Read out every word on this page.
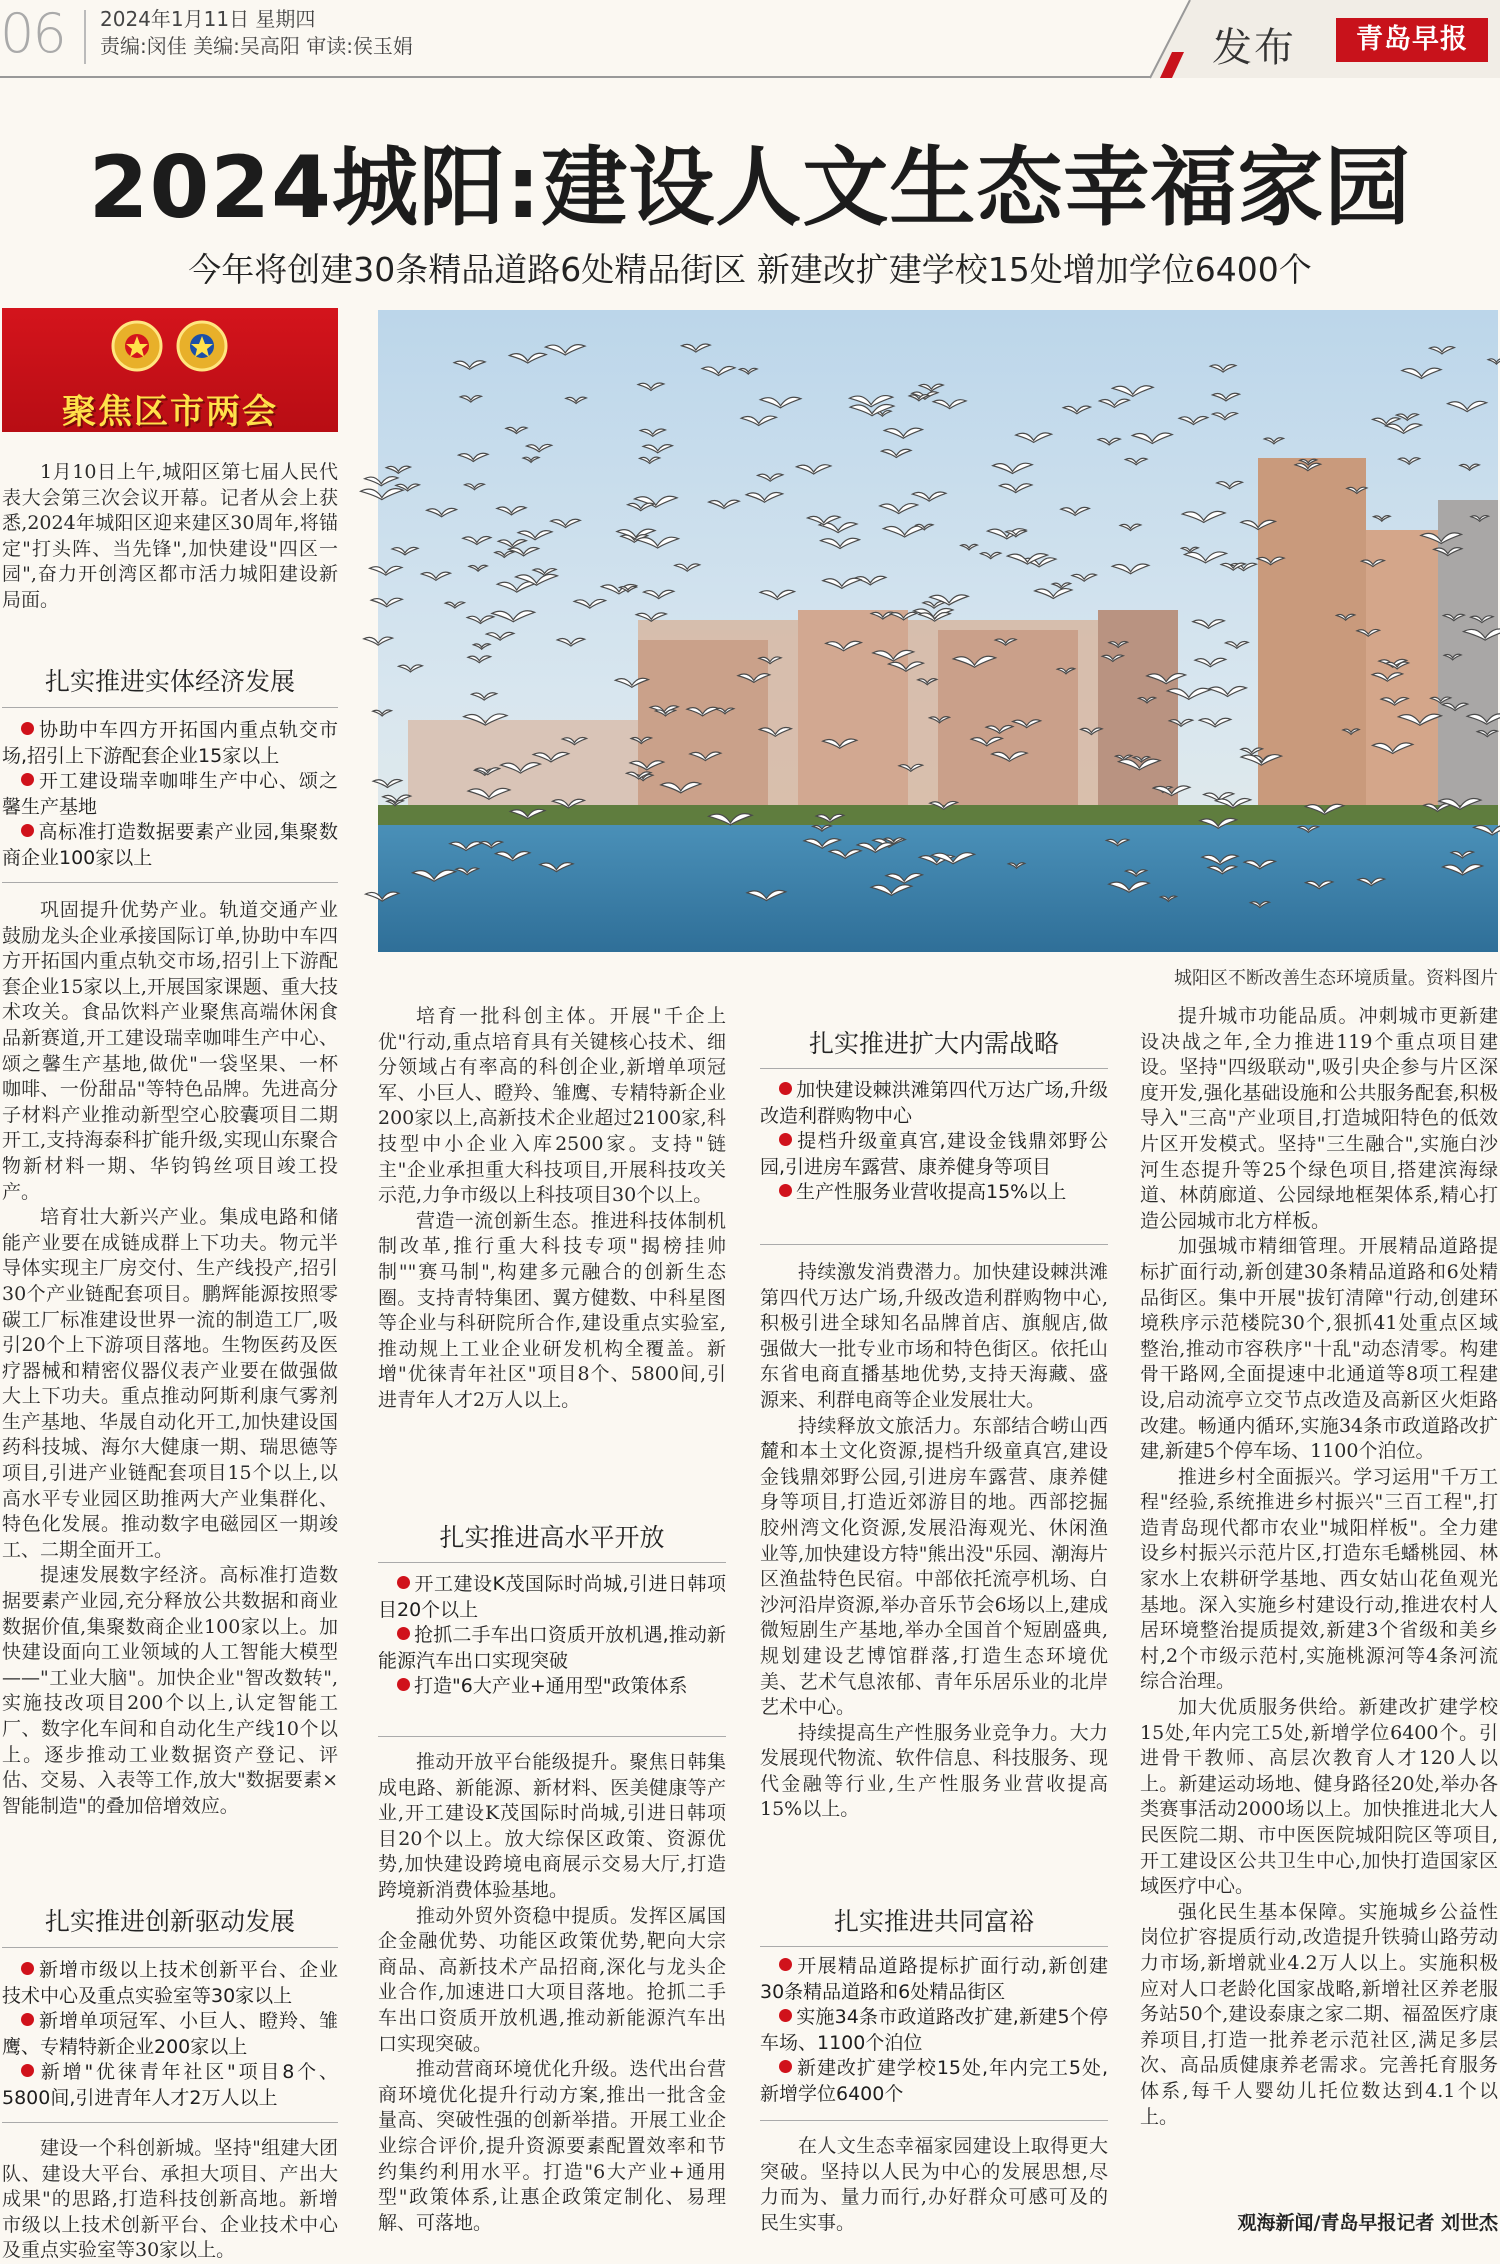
06 2024年1月11日 星期四
责编:闵佳 美编:吴高阳 审读:侯玉娟	发布	青岛早报
2024城阳:建设人文生态幸福家园
今年将创建30条精品道路6处精品街区 新建改扩建学校15处增加学位6400个
聚焦区市两会

1月10日上午,城阳区第七届人民代表大会第三次会议开幕。记者从会上获悉,2024年城阳区迎来建区30周年,将锚定"打头阵、当先锋",加快建设"四区一园",奋力开创湾区都市活力城阳建设新局面。

扎实推进实体经济发展

协助中车四方开拓国内重点轨交市场,招引上下游配套企业15家以上

开工建设瑞幸咖啡生产中心、颂之馨生产基地

高标准打造数据要素产业园,集聚数商企业100家以上

巩固提升优势产业。轨道交通产业鼓励龙头企业承接国际订单,协助中车四方开拓国内重点轨交市场,招引上下游配套企业15家以上,开展国家课题、重大技术攻关。食品饮料产业聚焦高端休闲食品新赛道,开工建设瑞幸咖啡生产中心、颂之馨生产基地,做优"一袋坚果、一杯咖啡、一份甜品"等特色品牌。先进高分子材料产业推动新型空心胶囊项目二期开工,支持海泰科扩能升级,实现山东聚合物新材料一期、华钧钨丝项目竣工投产。

培育壮大新兴产业。集成电路和储能产业要在成链成群上下功夫。物元半导体实现主厂房交付、生产线投产,招引30个产业链配套项目。鹏辉能源按照零碳工厂标准建设世界一流的制造工厂,吸引20个上下游项目落地。生物医药及医疗器械和精密仪器仪表产业要在做强做大上下功夫。重点推动阿斯利康气雾剂生产基地、华晟自动化开工,加快建设国药科技城、海尔大健康一期、瑞思德等项目,引进产业链配套项目15个以上,以高水平专业园区助推两大产业集群化、特色化发展。推动数字电磁园区一期竣工、二期全面开工。

提速发展数字经济。高标准打造数据要素产业园,充分释放公共数据和商业数据价值,集聚数商企业100家以上。加快建设面向工业领域的人工智能大模型——"工业大脑"。加快企业"智改数转",实施技改项目200个以上,认定智能工厂、数字化车间和自动化生产线10个以上。逐步推动工业数据资产登记、评估、交易、入表等工作,放大"数据要素×智能制造"的叠加倍增效应。

扎实推进创新驱动发展

新增市级以上技术创新平台、企业技术中心及重点实验室等30家以上

新增单项冠军、小巨人、瞪羚、雏鹰、专精特新企业200家以上

新增"优徕青年社区"项目8个、5800间,引进青年人才2万人以上

建设一个科创新城。坚持"组建大团队、建设大平台、承担大项目、产出大成果"的思路,打造科技创新高地。新增市级以上技术创新平台、企业技术中心及重点实验室等30家以上。

城阳区不断改善生态环境质量。资料图片

培育一批科创主体。开展"千企上优"行动,重点培育具有关键核心技术、细分领域占有率高的科创企业,新增单项冠军、小巨人、瞪羚、雏鹰、专精特新企业200家以上,高新技术企业超过2100家,科技型中小企业入库2500家。支持"链主"企业承担重大科技项目,开展科技攻关示范,力争市级以上科技项目30个以上。

营造一流创新生态。推进科技体制机制改革,推行重大科技专项"揭榜挂帅制""赛马制",构建多元融合的创新生态圈。支持青特集团、翼方健数、中科星图等企业与科研院所合作,建设重点实验室,推动规上工业企业研发机构全覆盖。新增"优徕青年社区"项目8个、5800间,引进青年人才2万人以上。

扎实推进高水平开放

开工建设K茂国际时尚城,引进日韩项目20个以上

抢抓二手车出口资质开放机遇,推动新能源汽车出口实现突破

打造"6大产业+通用型"政策体系

推动开放平台能级提升。聚焦日韩集成电路、新能源、新材料、医美健康等产业,开工建设K茂国际时尚城,引进日韩项目20个以上。放大综保区政策、资源优势,加快建设跨境电商展示交易大厅,打造跨境新消费体验基地。

推动外贸外资稳中提质。发挥区属国企金融优势、功能区政策优势,靶向大宗商品、高新技术产品招商,深化与龙头企业合作,加速进口大项目落地。抢抓二手车出口资质开放机遇,推动新能源汽车出口实现突破。

推动营商环境优化升级。迭代出台营商环境优化提升行动方案,推出一批含金量高、突破性强的创新举措。开展工业企业综合评价,提升资源要素配置效率和节约集约利用水平。打造"6大产业+通用型"政策体系,让惠企政策定制化、易理解、可落地。

扎实推进扩大内需战略

加快建设棘洪滩第四代万达广场,升级改造利群购物中心

提档升级童真宫,建设金钱鼎郊野公园,引进房车露营、康养健身等项目

生产性服务业营收提高15%以上

持续激发消费潜力。加快建设棘洪滩第四代万达广场,升级改造利群购物中心,积极引进全球知名品牌首店、旗舰店,做强做大一批专业市场和特色街区。依托山东省电商直播基地优势,支持天海藏、盛源来、利群电商等企业发展壮大。

持续释放文旅活力。东部结合崂山西麓和本土文化资源,提档升级童真宫,建设金钱鼎郊野公园,引进房车露营、康养健身等项目,打造近郊游目的地。西部挖掘胶州湾文化资源,发展沿海观光、休闲渔业等,加快建设方特"熊出没"乐园、潮海片区渔盐特色民宿。中部依托流亭机场、白沙河沿岸资源,举办音乐节会6场以上,建成微短剧生产基地,举办全国首个短剧盛典,规划建设艺博馆群落,打造生态环境优美、艺术气息浓郁、青年乐居乐业的北岸艺术中心。

持续提高生产性服务业竞争力。大力发展现代物流、软件信息、科技服务、现代金融等行业,生产性服务业营收提高15%以上。

扎实推进共同富裕

开展精品道路提标扩面行动,新创建30条精品道路和6处精品街区

实施34条市政道路改扩建,新建5个停车场、1100个泊位

新建改扩建学校15处,年内完工5处,新增学位6400个

在人文生态幸福家园建设上取得更大突破。坚持以人民为中心的发展思想,尽力而为、量力而行,办好群众可感可及的民生实事。

提升城市功能品质。冲刺城市更新建设决战之年,全力推进119个重点项目建设。坚持"四级联动",吸引央企参与片区深度开发,强化基础设施和公共服务配套,积极导入"三高"产业项目,打造城阳特色的低效片区开发模式。坚持"三生融合",实施白沙河生态提升等25个绿色项目,搭建滨海绿道、林荫廊道、公园绿地框架体系,精心打造公园城市北方样板。

加强城市精细管理。开展精品道路提标扩面行动,新创建30条精品道路和6处精品街区。集中开展"拔钉清障"行动,创建环境秩序示范楼院30个,狠抓41处重点区域整治,推动市容秩序"十乱"动态清零。构建骨干路网,全面提速中北通道等8项工程建设,启动流亭立交节点改造及高新区火炬路改建。畅通内循环,实施34条市政道路改扩建,新建5个停车场、1100个泊位。

推进乡村全面振兴。学习运用"千万工程"经验,系统推进乡村振兴"三百工程",打造青岛现代都市农业"城阳样板"。全力建设乡村振兴示范片区,打造东毛蟠桃园、林家水上农耕研学基地、西女姑山花鱼观光基地。深入实施乡村建设行动,推进农村人居环境整治提质提效,新建3个省级和美乡村,2个市级示范村,实施桃源河等4条河流综合治理。

加大优质服务供给。新建改扩建学校15处,年内完工5处,新增学位6400个。引进骨干教师、高层次教育人才120人以上。新建运动场地、健身路径20处,举办各类赛事活动2000场以上。加快推进北大人民医院二期、市中医医院城阳院区等项目,开工建设区公共卫生中心,加快打造国家区域医疗中心。

强化民生基本保障。实施城乡公益性岗位扩容提质行动,改造提升铁骑山路劳动力市场,新增就业4.2万人以上。实施积极应对人口老龄化国家战略,新增社区养老服务站50个,建设泰康之家二期、福盈医疗康养项目,打造一批养老示范社区,满足多层次、高品质健康养老需求。完善托育服务体系,每千人婴幼儿托位数达到4.1个以上。

观海新闻/青岛早报记者 刘世杰
